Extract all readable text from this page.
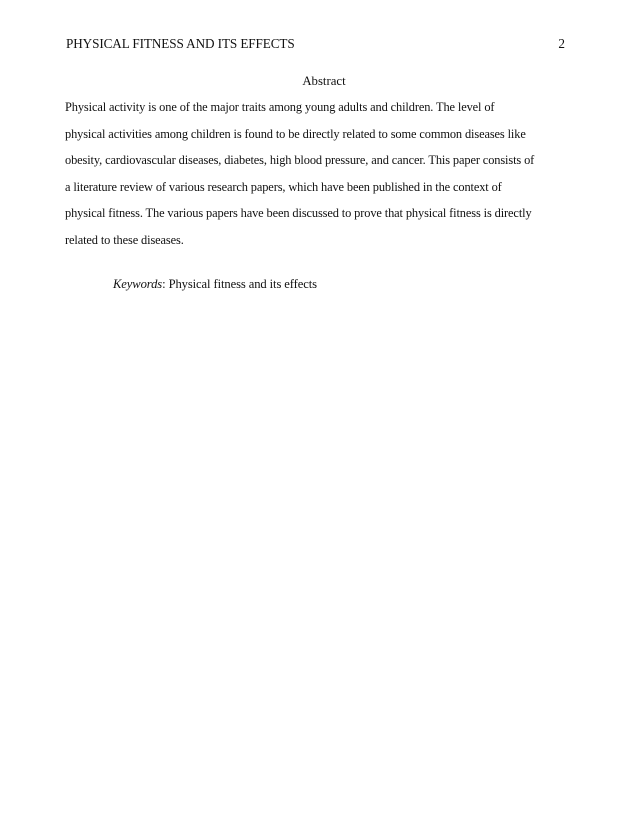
PHYSICAL FITNESS AND ITS EFFECTS	2
Abstract
Physical activity is one of the major traits among young adults and children. The level of
physical activities among children is found to be directly related to some common diseases like
obesity, cardiovascular diseases, diabetes, high blood pressure, and cancer. This paper consists of
a literature review of various research papers, which have been published in the context of
physical fitness. The various papers have been discussed to prove that physical fitness is directly
related to these diseases.
Keywords: Physical fitness and its effects
